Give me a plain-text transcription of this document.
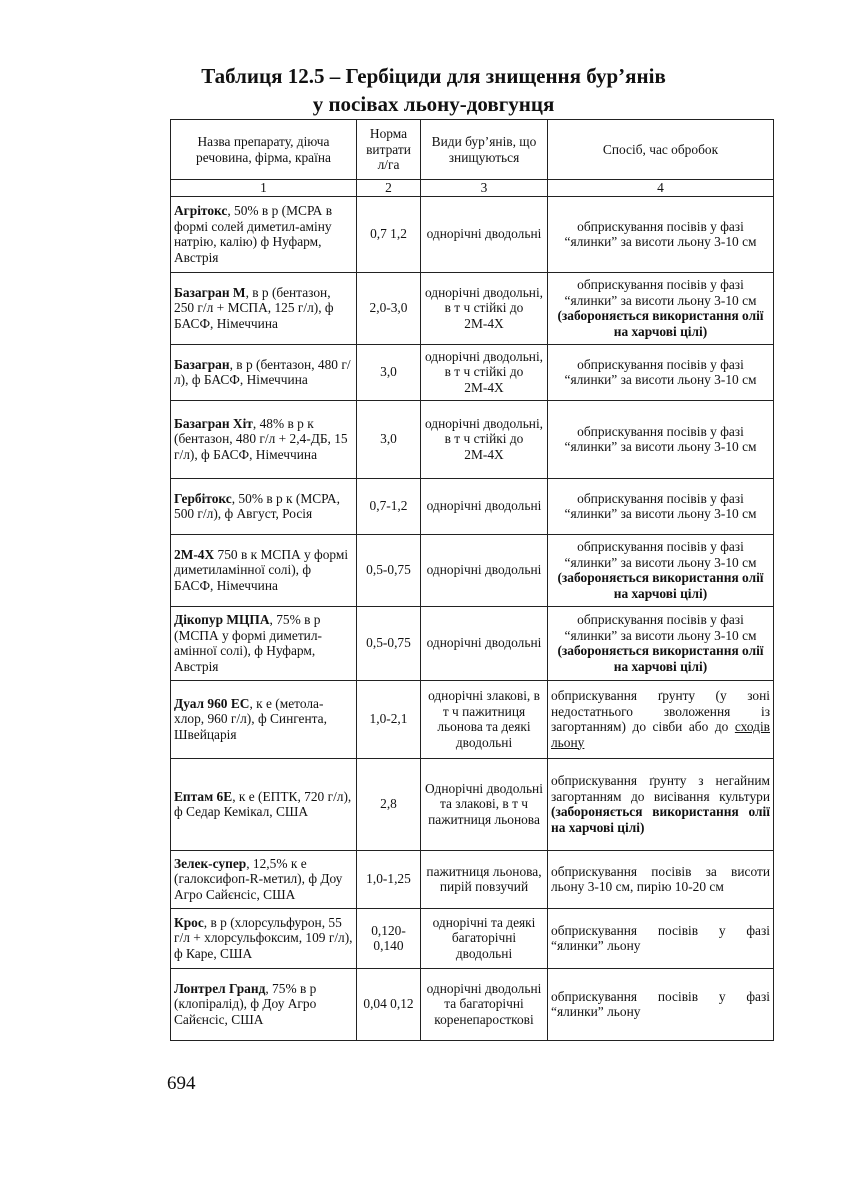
Таблиця 12.5 – Гербіциди для знищення бур’янів
у посівах льону-довгунця
Назва препарату, діюча речовина, фірма, країна	Норма витрати л/га	Види бур’янів, що знищуються	Спосіб, час обробок
1	2	3	4
Агрітокс, 50% в р (МСРА в формі солей диметил-аміну натрію, калію) ф Нуфарм, Австрія	0,7 1,2	однорічні дводольні	обприскування посівів у фазі “ялинки” за висоти льону 3-10 см
Базагран М, в р (бентазон, 250 г/л + МСПА, 125 г/л), ф БАСФ, Німеччина	2,0-3,0	однорічні дводольні, в т ч стійкі до 2М-4Х	обприскування посівів у фазі “ялинки” за висоти льону 3-10 см (забороняється використання олії на харчові цілі)
Базагран, в р (бентазон, 480 г/л), ф БАСФ, Німеччина	3,0	однорічні дводольні, в т ч стійкі до 2М-4Х	обприскування посівів у фазі “ялинки” за висоти льону 3-10 см
Базагран Хіт, 48% в р к (бентазон, 480 г/л + 2,4-ДБ, 15 г/л), ф БАСФ, Німеччина	3,0	однорічні дводольні, в т ч стійкі до 2М-4Х	обприскування посівів у фазі “ялинки” за висоти льону 3-10 см
Гербітокс, 50% в р к (МСРА, 500 г/л), ф Август, Росія	0,7-1,2	однорічні дводольні	обприскування посівів у фазі “ялинки” за висоти льону 3-10 см
2М-4Х 750 в к МСПА у формі диметиламінної солі), ф БАСФ, Німеччина	0,5-0,75	однорічні дводольні	обприскування посівів у фазі “ялинки” за висоти льону 3-10 см (забороняється використання олії на харчові цілі)
Дікопур МЦПА, 75% в р (МСПА у формі диметил-амінної солі), ф Нуфарм, Австрія	0,5-0,75	однорічні дводольні	обприскування посівів у фазі “ялинки” за висоти льону 3-10 см (забороняється використання олії на харчові цілі)
Дуал 960 ЕС, к е (метола-хлор, 960 г/л), ф Сингента, Швейцарія	1,0-2,1	однорічні злакові, в т ч пажитниця льонова та деякі дводольні	обприскування ґрунту (у зоні недостатнього зволоження із загортанням) до сівби або до сходів льону
Ептам 6Е, к е (ЕПТК, 720 г/л), ф Седар Кемікал, США	2,8	Однорічні дводольні та злакові, в т ч пажитниця льонова	обприскування ґрунту з негайним загортанням до висівання культури (забороняється використання олії на харчові цілі)
Зелек-супер, 12,5% к е (галоксифоп-R-метил), ф Доу Агро Сайєнсіс, США	1,0-1,25	пажитниця льонова, пирій повзучий	обприскування посівів за висоти льону 3-10 см, пирію 10-20 см
Крос, в р (хлорсульфурон, 55 г/л + хлорсульфоксим, 109 г/л), ф Каре, США	0,120- 0,140	однорічні та деякі багаторічні дводольні	обприскування посівів у фазі “ялинки” льону
Лонтрел Гранд, 75% в р (клопіралід), ф Доу Агро Сайєнсіс, США	0,04 0,12	однорічні дводольні та багаторічні коренепаросткові	обприскування посівів у фазі “ялинки” льону
694
